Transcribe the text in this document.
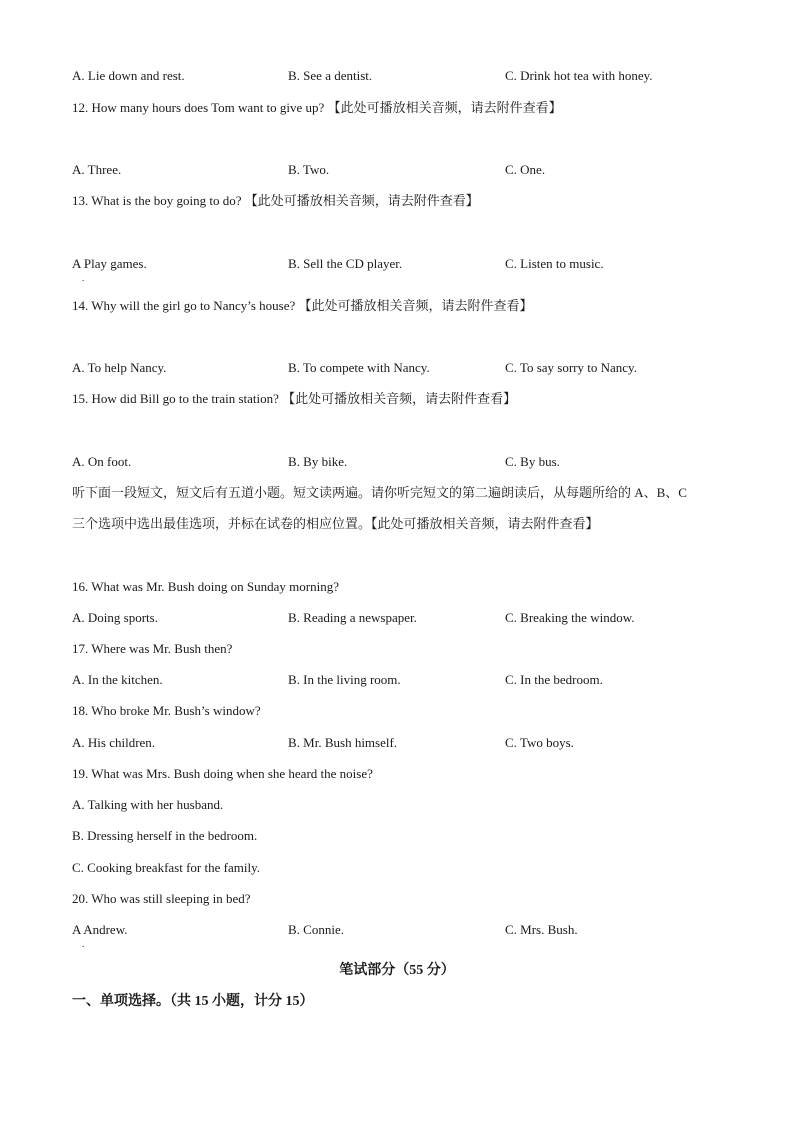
A. Lie down and rest.	B. See a dentist.	C. Drink hot tea with honey.
12. How many hours does Tom want to give up? 【此处可播放相关音频，请去附件查看】
A. Three.	B. Two.	C. One.
13. What is the boy going to do? 【此处可播放相关音频，请去附件查看】
A Play games.
.
B. Sell the CD player.	C. Listen to music.
14. Why will the girl go to Nancy’s house? 【此处可播放相关音频，请去附件查看】
A. To help Nancy.	B. To compete with Nancy.	C. To say sorry to Nancy.
15. How did Bill go to the train station? 【此处可播放相关音频，请去附件查看】
A. On foot.	B. By bike.	C. By bus.
听下面一段短文，短文后有五道小题。短文读两遍。请你听完短文的第二遍朗读后，从每题所给的 A、B、C
三个选项中选出最佳选项，并标在试卷的相应位置。【此处可播放相关音频，请去附件查看】
16. What was Mr. Bush doing on Sunday morning?
A. Doing sports.	B. Reading a newspaper.	C. Breaking the window.
17. Where was Mr. Bush then?
A. In the kitchen.	B. In the living room.	C. In the bedroom.
18. Who broke Mr. Bush’s window?
A. His children.	B. Mr. Bush himself.	C. Two boys.
19. What was Mrs. Bush doing when she heard the noise?
A. Talking with her husband.
B. Dressing herself in the bedroom.
C. Cooking breakfast for the family.
20. Who was still sleeping in bed?
A Andrew.
.
B. Connie.	C. Mrs. Bush.
笔试部分（55 分）
一、单项选择。（共 15 小题，计分 15）
